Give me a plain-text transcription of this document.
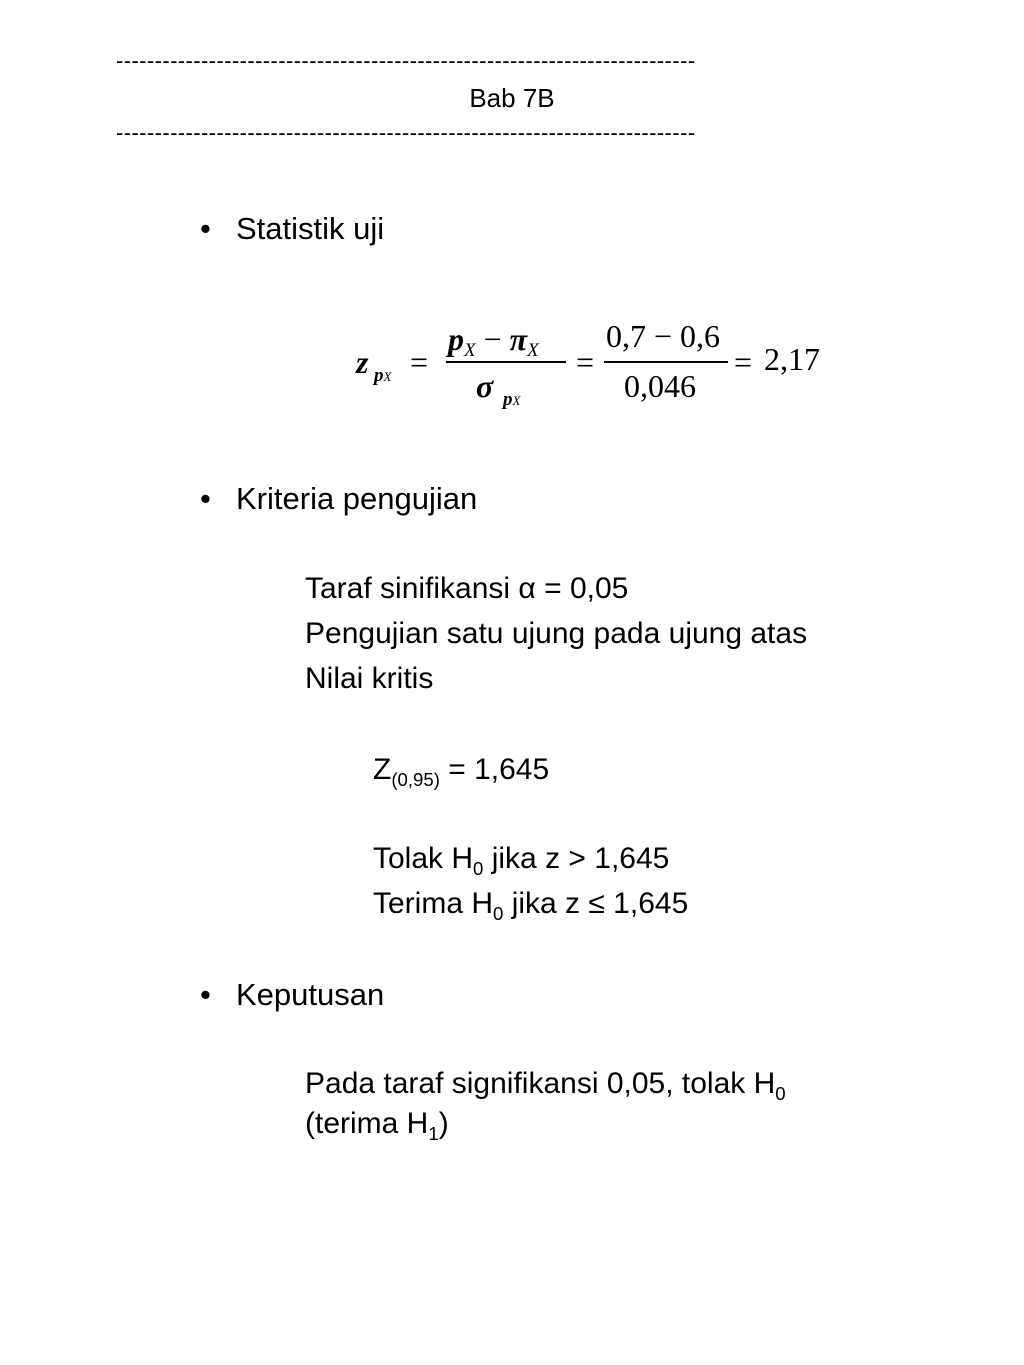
---------------------------------------------------------------------------
Bab 7B
---------------------------------------------------------------------------
• Statistik uji
z pX =
pX − πX
σ pX
=
0,7 − 0,6
0,046
= 2,17
• Kriteria pengujian
Taraf sinifikansi α = 0,05
Pengujian satu ujung pada ujung atas
Nilai kritis
$Z_{(0,95)} = 1,645$
Tolak $H_0$ jika z > 1,645
Terima $H_0$ jika z ≤ 1,645
• Keputusan
Pada taraf signifikansi 0,05, tolak $H_0$
(terima $H_1$)
